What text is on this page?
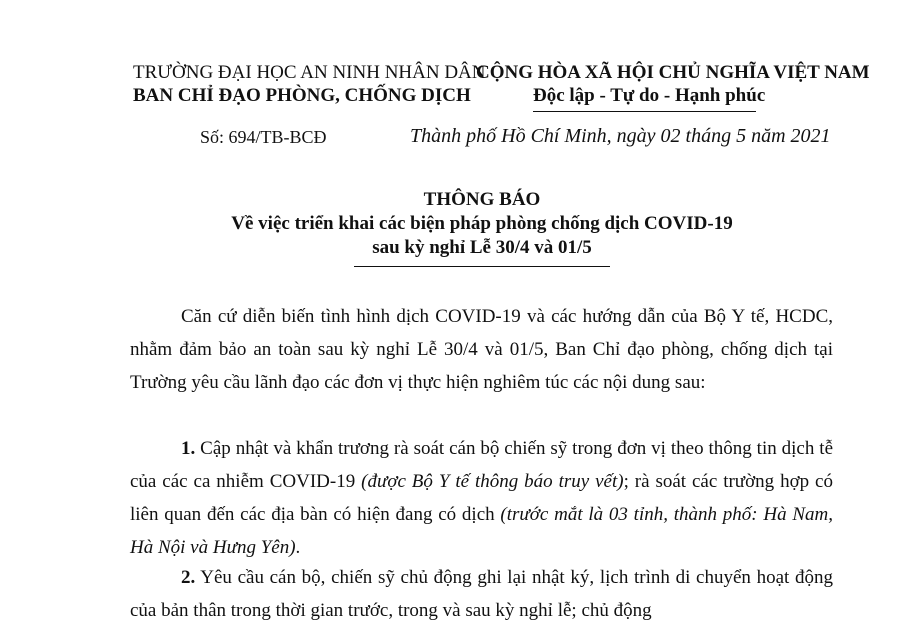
TRƯỜNG ĐẠI HỌC AN NINH NHÂN DÂN
BAN CHỈ ĐẠO PHÒNG, CHỐNG DỊCH
CỘNG HÒA XÃ HỘI CHỦ NGHĨA VIỆT NAM
Độc lập - Tự do - Hạnh phúc
Số: 694/TB-BCĐ	Thành phố Hồ Chí Minh, ngày 02 tháng 5 năm 2021
THÔNG BÁO
Về việc triển khai các biện pháp phòng chống dịch COVID-19
sau kỳ nghỉ Lễ 30/4 và 01/5
Căn cứ diễn biến tình hình dịch COVID-19 và các hướng dẫn của Bộ Y tế, HCDC, nhằm đảm bảo an toàn sau kỳ nghỉ Lễ 30/4 và 01/5, Ban Chỉ đạo phòng, chống dịch tại Trường yêu cầu lãnh đạo các đơn vị thực hiện nghiêm túc các nội dung sau:
1. Cập nhật và khẩn trương rà soát cán bộ chiến sỹ trong đơn vị theo thông tin dịch tễ của các ca nhiễm COVID-19 (được Bộ Y tế thông báo truy vết); rà soát các trường hợp có liên quan đến các địa bàn có hiện đang có dịch (trước mắt là 03 tỉnh, thành phố: Hà Nam, Hà Nội và Hưng Yên).
2. Yêu cầu cán bộ, chiến sỹ chủ động ghi lại nhật ký, lịch trình di chuyển hoạt động của bản thân trong thời gian trước, trong và sau kỳ nghỉ lễ; chủ động
